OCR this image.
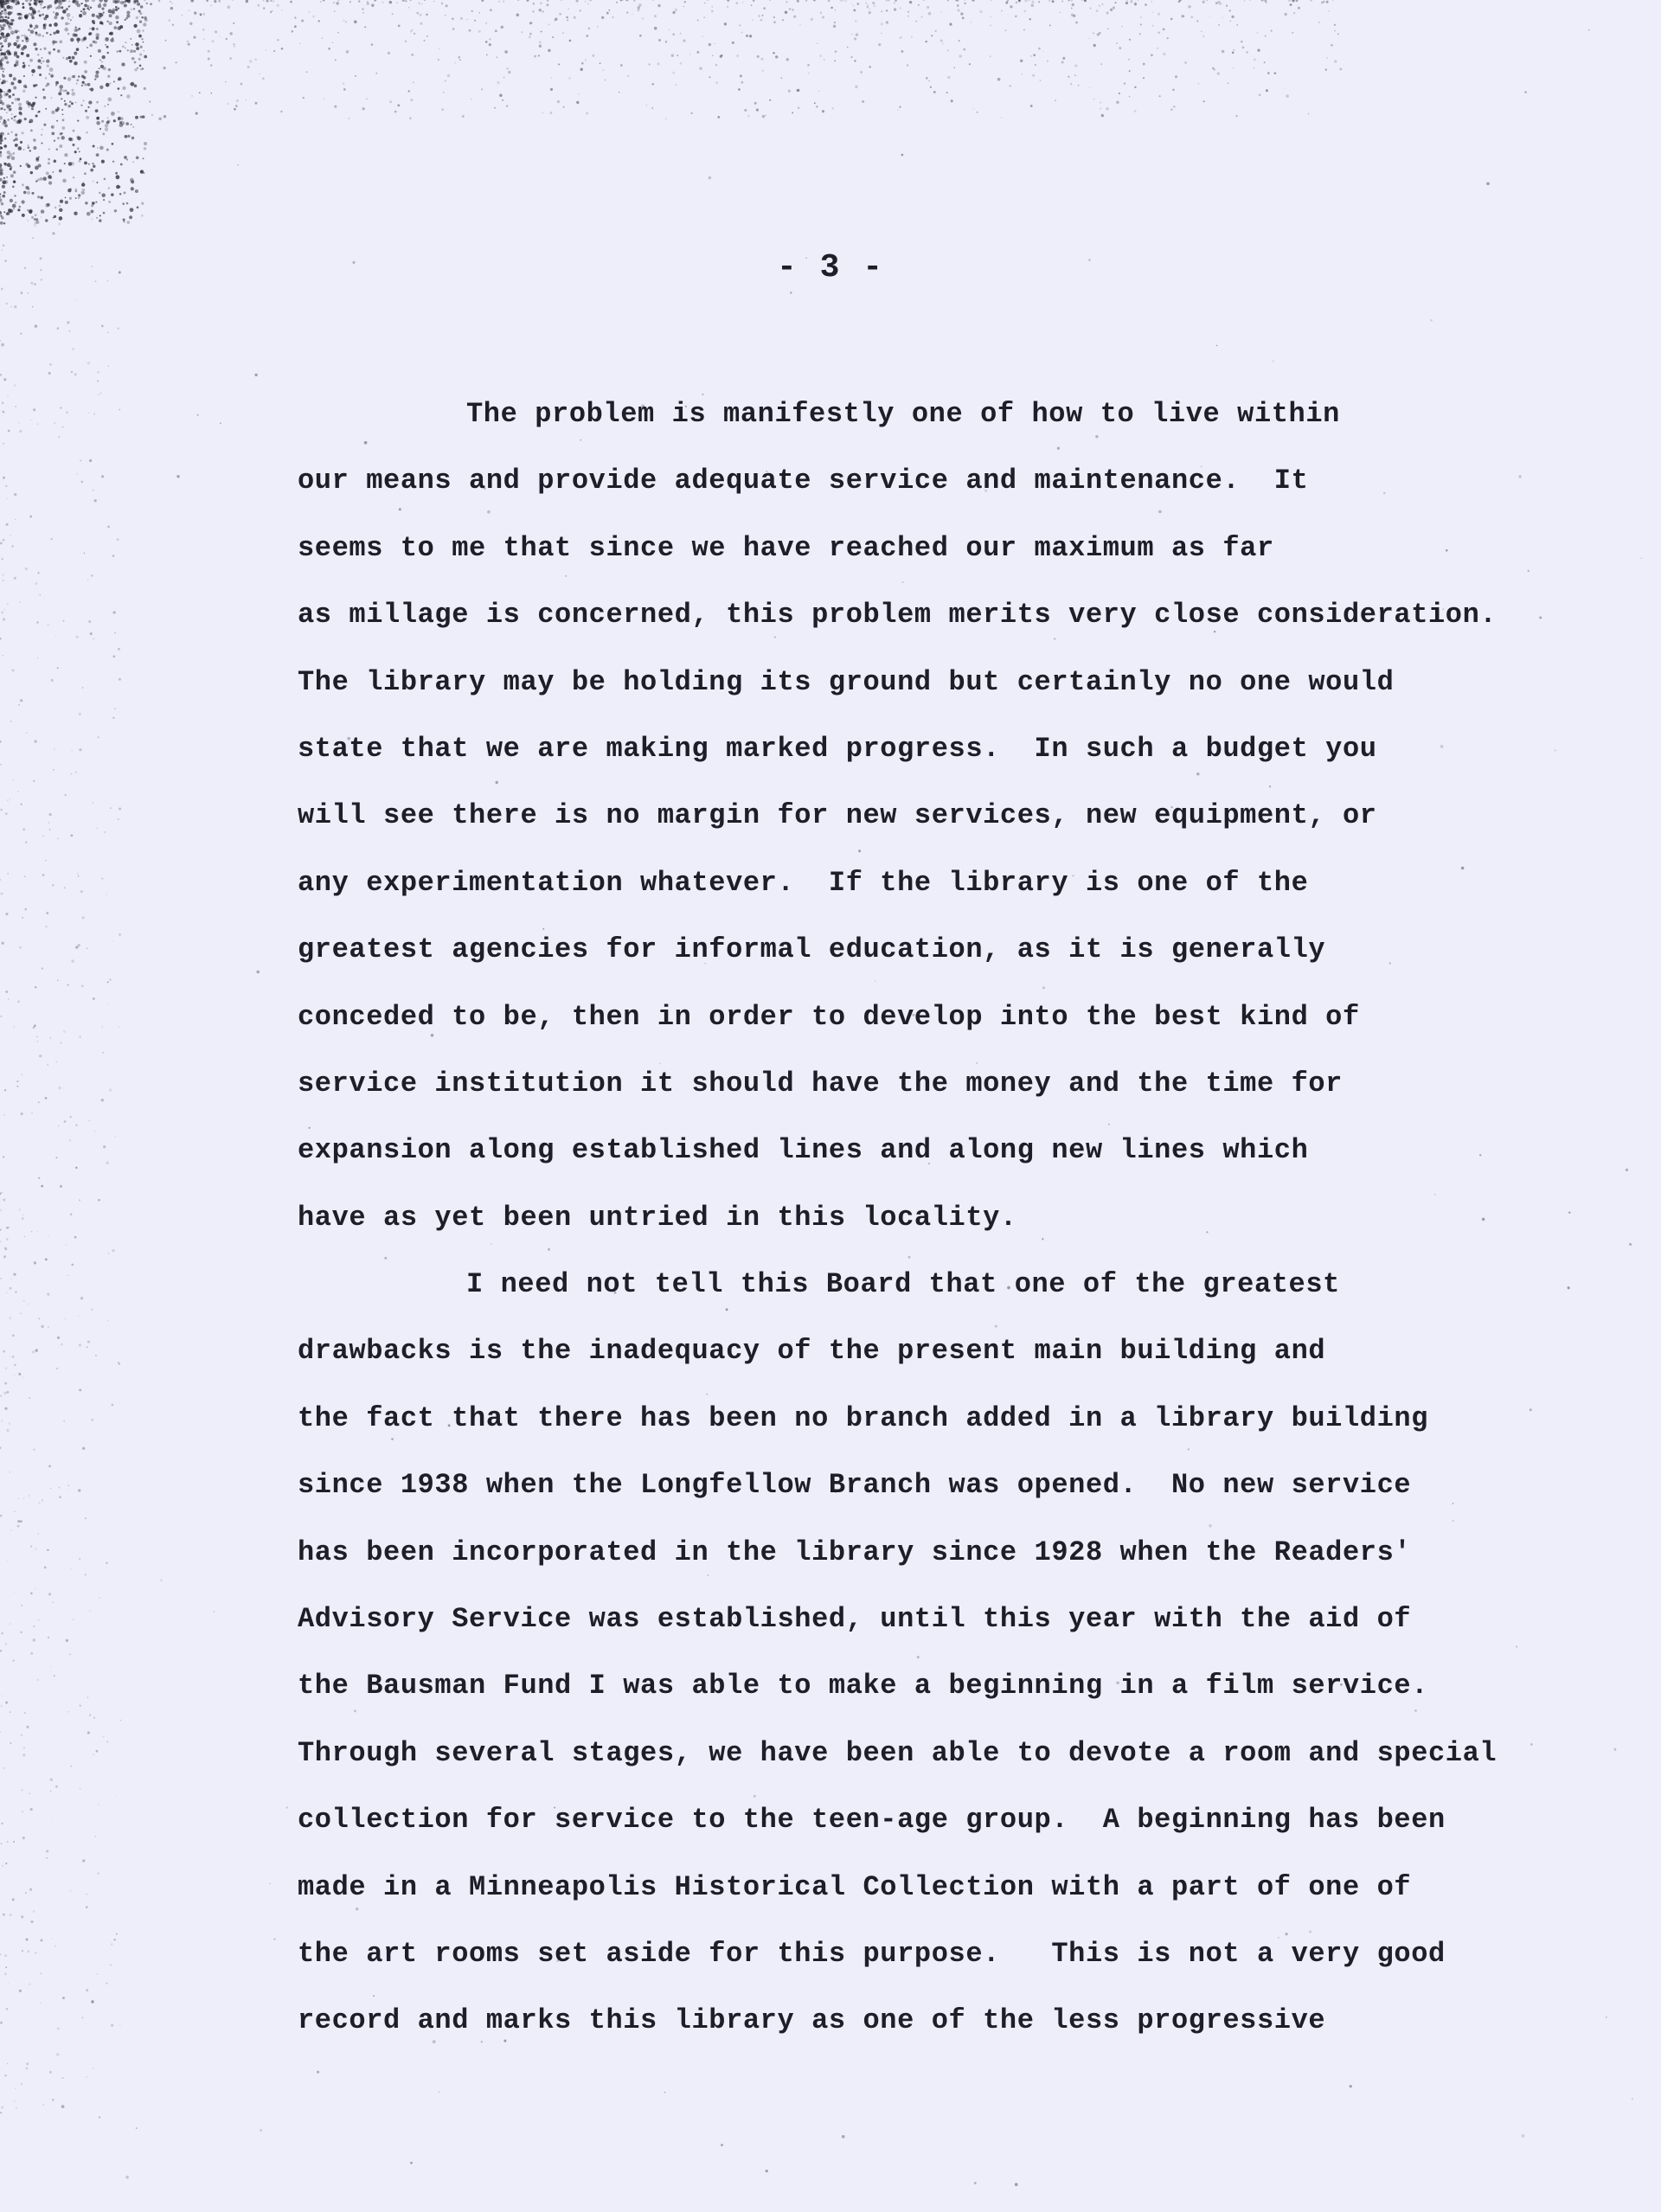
- 3 -
The problem is manifestly one of how to live within
our means and provide adequate service and maintenance.  It
seems to me that since we have reached our maximum as far
as millage is concerned, this problem merits very close consideration.
The library may be holding its ground but certainly no one would
state that we are making marked progress.  In such a budget you
will see there is no margin for new services, new equipment, or
any experimentation whatever.  If the library is one of the
greatest agencies for informal education, as it is generally
conceded to be, then in order to develop into the best kind of
service institution it should have the money and the time for
expansion along established lines and along new lines which
have as yet been untried in this locality.
I need not tell this Board that one of the greatest
drawbacks is the inadequacy of the present main building and
the fact that there has been no branch added in a library building
since 1938 when the Longfellow Branch was opened.  No new service
has been incorporated in the library since 1928 when the Readers'
Advisory Service was established, until this year with the aid of
the Bausman Fund I was able to make a beginning in a film service.
Through several stages, we have been able to devote a room and special
collection for service to the teen-age group.  A beginning has been
made in a Minneapolis Historical Collection with a part of one of
the art rooms set aside for this purpose.   This is not a very good
record and marks this library as one of the less progressive
